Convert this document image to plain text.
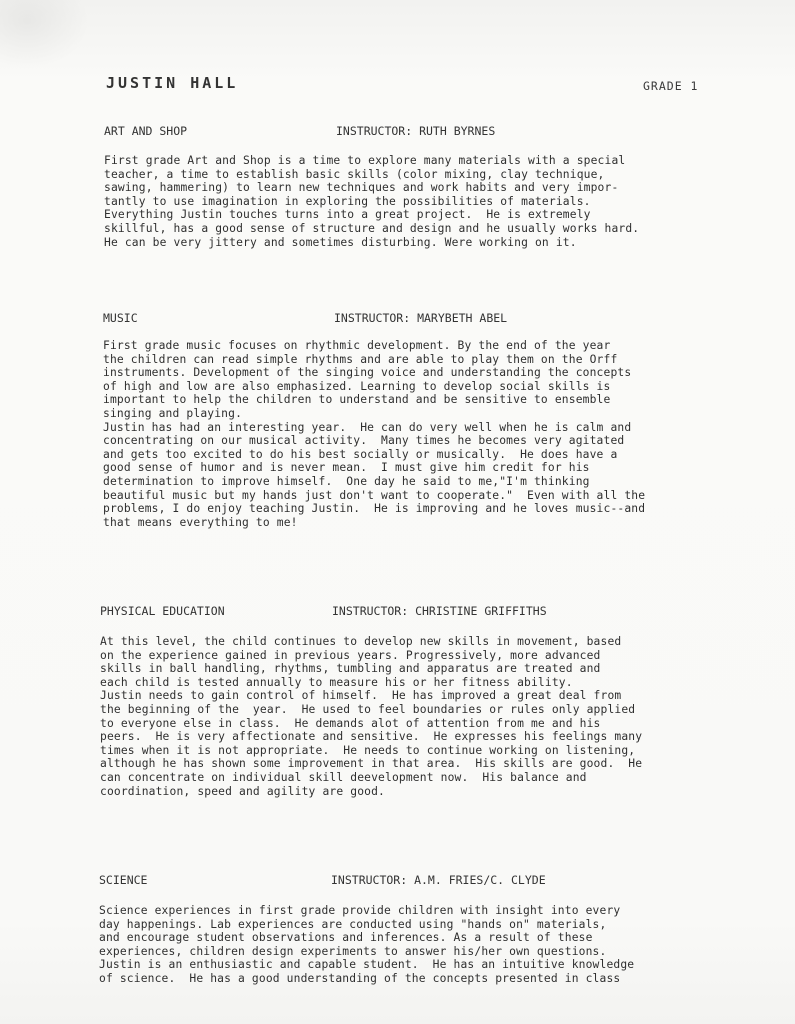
JUSTIN HALL	GRADE 1
ART AND SHOP	INSTRUCTOR: RUTH BYRNES
First grade Art and Shop is a time to explore many materials with a special
teacher, a time to establish basic skills (color mixing, clay technique,
sawing, hammering) to learn new techniques and work habits and very impor-
tantly to use imagination in exploring the possibilities of materials.
Everything Justin touches turns into a great project.  He is extremely
skillful, has a good sense of structure and design and he usually works hard.
He can be very jittery and sometimes disturbing. Were working on it.
MUSIC	INSTRUCTOR: MARYBETH ABEL
First grade music focuses on rhythmic development. By the end of the year
the children can read simple rhythms and are able to play them on the Orff
instruments. Development of the singing voice and understanding the concepts
of high and low are also emphasized. Learning to develop social skills is
important to help the children to understand and be sensitive to ensemble
singing and playing.
Justin has had an interesting year.  He can do very well when he is calm and
concentrating on our musical activity.  Many times he becomes very agitated
and gets too excited to do his best socially or musically.  He does have a
good sense of humor and is never mean.  I must give him credit for his
determination to improve himself.  One day he said to me,"I'm thinking
beautiful music but my hands just don't want to cooperate."  Even with all the
problems, I do enjoy teaching Justin.  He is improving and he loves music--and
that means everything to me!
PHYSICAL EDUCATION	INSTRUCTOR: CHRISTINE GRIFFITHS
At this level, the child continues to develop new skills in movement, based
on the experience gained in previous years. Progressively, more advanced
skills in ball handling, rhythms, tumbling and apparatus are treated and
each child is tested annually to measure his or her fitness ability.
Justin needs to gain control of himself.  He has improved a great deal from
the beginning of the  year.  He used to feel boundaries or rules only applied
to everyone else in class.  He demands alot of attention from me and his
peers.  He is very affectionate and sensitive.  He expresses his feelings many
times when it is not appropriate.  He needs to continue working on listening,
although he has shown some improvement in that area.  His skills are good.  He
can concentrate on individual skill deevelopment now.  His balance and
coordination, speed and agility are good.
SCIENCE	INSTRUCTOR: A.M. FRIES/C. CLYDE
Science experiences in first grade provide children with insight into every
day happenings. Lab experiences are conducted using "hands on" materials,
and encourage student observations and inferences. As a result of these
experiences, children design experiments to answer his/her own questions.
Justin is an enthusiastic and capable student.  He has an intuitive knowledge
of science.  He has a good understanding of the concepts presented in class
